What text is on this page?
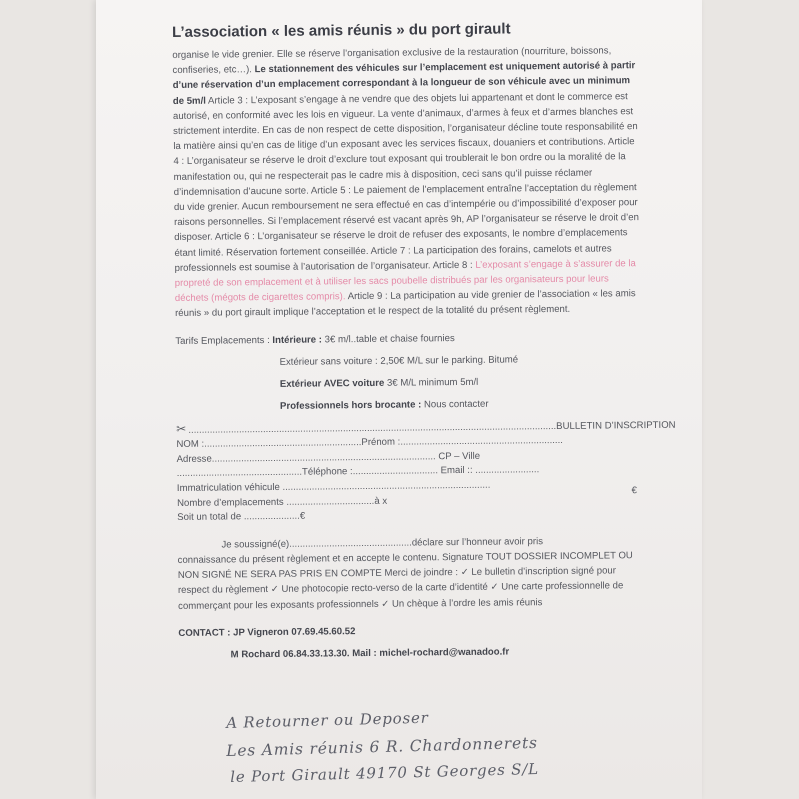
L’association « les amis réunis » du port girault

organise le vide grenier. Elle se réserve l’organisation exclusive de la restauration (nourriture, boissons, confiseries, etc…). Le stationnement des véhicules sur l’emplacement est uniquement autorisé à partir d’une réservation d’un emplacement correspondant à la longueur de son véhicule avec un minimum de 5m/l Article 3 : L’exposant s’engage à ne vendre que des objets lui appartenant et dont le commerce est autorisé, en conformité avec les lois en vigueur. La vente d’animaux, d’armes à feux et d’armes blanches est strictement interdite. En cas de non respect de cette disposition, l’organisateur décline toute responsabilité en la matière ainsi qu’en cas de litige d’un exposant avec les services fiscaux, douaniers et contributions. Article 4 : L’organisateur se réserve le droit d’exclure tout exposant qui troublerait le bon ordre ou la moralité de la manifestation ou, qui ne respecterait pas le cadre mis à disposition, ceci sans qu’il puisse réclamer d’indemnisation d’aucune sorte. Article 5 : Le paiement de l’emplacement entraîne l’acceptation du règlement du vide grenier. Aucun remboursement ne sera effectué en cas d’intempérie ou d’impossibilité d’exposer pour raisons personnelles. Si l’emplacement réservé est vacant après 9h, AP l’organisateur se réserve le droit d’en disposer. Article 6 : L’organisateur se réserve le droit de refuser des exposants, le nombre d’emplacements étant limité. Réservation fortement conseillée. Article 7 : La participation des forains, camelots et autres professionnels est soumise à l’autorisation de l’organisateur. Article 8 : L’exposant s’engage à s’assurer de la propreté de son emplacement et à utiliser les sacs poubelle distribués par les organisateurs pour leurs déchets (mégots de cigarettes compris). Article 9 : La participation au vide grenier de l’association « les amis réunis » du port girault implique l’acceptation et le respect de la totalité du présent règlement.

Tarifs Emplacements : Intérieure : 3€ m/l..table et chaise fournies
Extérieur sans voiture : 2,50€ M/L sur le parking. Bitumé
Extérieur AVEC voiture 3€ M/L minimum 5m/l
Professionnels hors brocante : Nous contacter
✂ ..........................................................................................................................................BULLETIN D’INSCRIPTION
NOM :...........................................................Prénom :.............................................................
Adresse.................................................................................... CP – Ville
...............................................Téléphone :................................ Email :: ........................
Immatriculation véhicule ..............................................................................
Nombre d’emplacements .................................à x
€
Soit un total de .....................€
Je soussigné(e)..............................................déclare sur l’honneur avoir pris
connaissance du présent règlement et en accepte le contenu. Signature TOUT DOSSIER INCOMPLET OU NON SIGNÉ NE SERA PAS PRIS EN COMPTE Merci de joindre : ✓ Le bulletin d’inscription signé pour respect du règlement ✓ Une photocopie recto-verso de la carte d’identité ✓ Une carte professionnelle de commerçant pour les exposants professionnels ✓ Un chèque à l’ordre les amis réunis
CONTACT : JP Vigneron 07.69.45.60.52
M Rochard 06.84.33.13.30. Mail : michel-rochard@wanadoo.fr
A Retourner ou Deposer
Les Amis réunis 6 R. Chardonnerets
le Port Girault 49170 St Georges S/L
